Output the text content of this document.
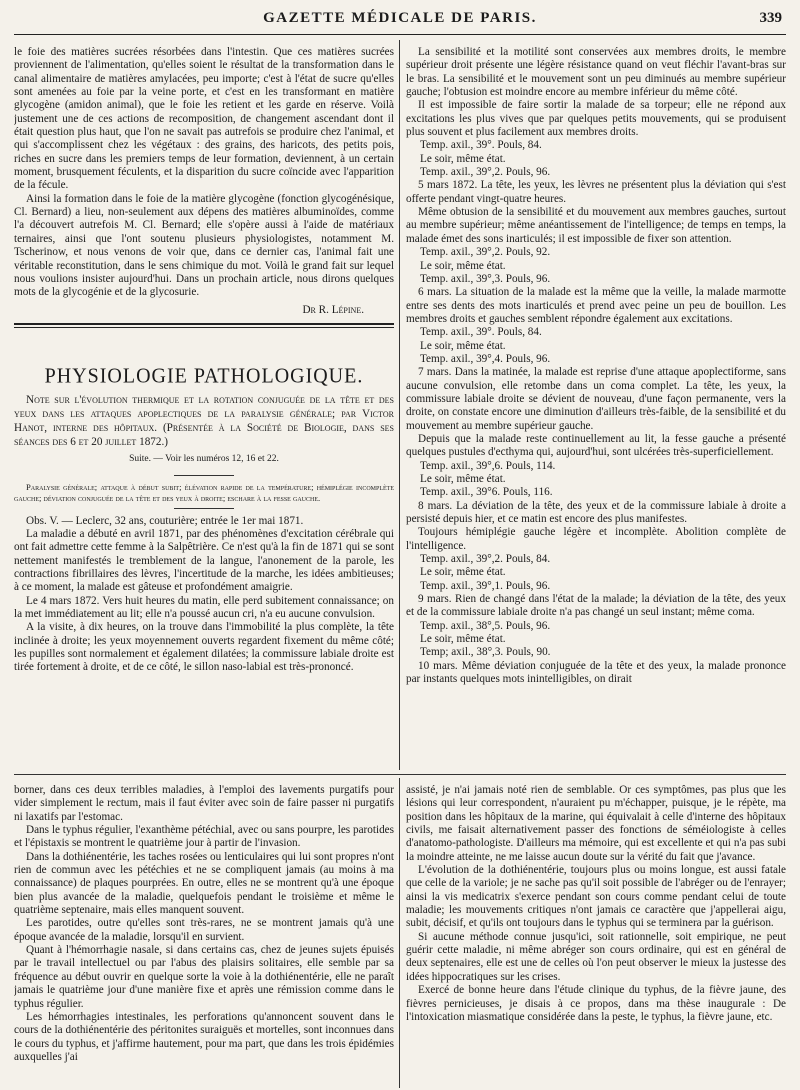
GAZETTE MÉDICALE DE PARIS.	339

le foie des matières sucrées résorbées dans l'intestin. Que ces matières sucrées proviennent de l'alimentation, qu'elles soient le résultat de la transformation dans le canal alimentaire de matières amylacées, peu importe; c'est à l'état de sucre qu'elles sont amenées au foie par la veine porte, et c'est en les transformant en matière glycogène (amidon animal), que le foie les retient et les garde en réserve. Voilà justement une de ces actions de recomposition, de changement ascendant dont il était question plus haut, que l'on ne savait pas autrefois se produire chez l'animal, et qui s'accomplissent chez les végétaux : des grains, des haricots, des petits pois, riches en sucre dans les premiers temps de leur formation, deviennent, à un certain moment, brusquement féculents, et la disparition du sucre coïncide avec l'apparition de la fécule.

Ainsi la formation dans le foie de la matière glycogène (fonction glycogénésique, Cl. Bernard) a lieu, non-seulement aux dépens des matières albuminoïdes, comme l'a découvert autrefois M. Cl. Bernard; elle s'opère aussi à l'aide de matériaux ternaires, ainsi que l'ont soutenu plusieurs physiologistes, notamment M. Tscherinow, et nous venons de voir que, dans ce dernier cas, l'animal fait une véritable reconstitution, dans le sens chimique du mot. Voilà le grand fait sur lequel nous voulions insister aujourd'hui. Dans un prochain article, nous dirons quelques mots de la glycogénie et de la glycosurie.

Dr R. Lépine.
PHYSIOLOGIE PATHOLOGIQUE.

Note sur l'évolution thermique et la rotation conjuguée de la tête et des yeux dans les attaques apoplectiques de la paralysie générale; par Victor Hanot, interne des hôpitaux. (Présentée à la Société de Biologie, dans ses séances des 6 et 20 juillet 1872.)

Suite. — Voir les numéros 12, 16 et 22.

Paralysie générale; attaque à début subit; élévation rapide de la température; hémiplégie incomplète gauche; déviation conjuguée de la tête et des yeux à droite; eschare à la fesse gauche.

Obs. V. — Leclerc, 32 ans, couturière; entrée le 1er mai 1871.

La maladie a débuté en avril 1871, par des phénomènes d'excitation cérébrale qui ont fait admettre cette femme à la Salpêtrière. Ce n'est qu'à la fin de 1871 qui se sont nettement manifestés le tremblement de la langue, l'anonement de la parole, les contractions fibrillaires des lèvres, l'incertitude de la marche, les idées ambitieuses; à ce moment, la malade est gâteuse et profondément amaigrie.

Le 4 mars 1872. Vers huit heures du matin, elle perd subitement connaissance; on la met immédiatement au lit; elle n'a poussé aucun cri, n'a eu aucune convulsion.

A la visite, à dix heures, on la trouve dans l'immobilité la plus complète, la tête inclinée à droite; les yeux moyennement ouverts regardent fixement du même côté; les pupilles sont normalement et également dilatées; la commissure labiale droite est tirée fortement à droite, et de ce côté, le sillon naso-labial est très-prononcé.

La sensibilité et la motilité sont conservées aux membres droits, le membre supérieur droit présente une légère résistance quand on veut fléchir l'avant-bras sur le bras. La sensibilité et le mouvement sont un peu diminués au membre supérieur gauche; l'obtusion est moindre encore au membre inférieur du même côté.

Il est impossible de faire sortir la malade de sa torpeur; elle ne répond aux excitations les plus vives que par quelques petits mouvements, qui se produisent plus souvent et plus facilement aux membres droits.

Temp. axil., 39°. Pouls, 84.

Le soir, même état.

Temp. axil., 39°,2. Pouls, 96.

5 mars 1872. La tête, les yeux, les lèvres ne présentent plus la déviation qui s'est offerte pendant vingt-quatre heures.

Même obtusion de la sensibilité et du mouvement aux membres gauches, surtout au membre supérieur; même anéantissement de l'intelligence; de temps en temps, la malade émet des sons inarticulés; il est impossible de fixer son attention.

Temp. axil., 39°,2. Pouls, 92.

Le soir, même état.

Temp. axil., 39°,3. Pouls, 96.

6 mars. La situation de la malade est la même que la veille, la malade marmotte entre ses dents des mots inarticulés et prend avec peine un peu de bouillon. Les membres droits et gauches semblent répondre également aux excitations.

Temp. axil., 39°. Pouls, 84.

Le soir, même état.

Temp. axil., 39°,4. Pouls, 96.

7 mars. Dans la matinée, la malade est reprise d'une attaque apoplectiforme, sans aucune convulsion, elle retombe dans un coma complet. La tête, les yeux, la commissure labiale droite se dévient de nouveau, d'une façon permanente, vers la droite, on constate encore une diminution d'ailleurs très-faible, de la sensibilité et du mouvement au membre supérieur gauche.

Depuis que la malade reste continuellement au lit, la fesse gauche a présenté quelques pustules d'ecthyma qui, aujourd'hui, sont ulcérées très-superficiellement.

Temp. axil., 39°,6. Pouls, 114.

Le soir, même état.

Temp. axil., 39°6. Pouls, 116.

8 mars. La déviation de la tête, des yeux et de la commissure labiale à droite a persisté depuis hier, et ce matin est encore des plus manifestes.

Toujours hémiplégie gauche légère et incomplète. Abolition complète de l'intelligence.

Temp. axil., 39°,2. Pouls, 84.

Le soir, même état.

Temp. axil., 39°,1. Pouls, 96.

9 mars. Rien de changé dans l'état de la malade; la déviation de la tête, des yeux et de la commissure labiale droite n'a pas changé un seul instant; même coma.

Temp. axil., 38°,5. Pouls, 96.

Le soir, même état.

Temp; axil., 38°,3. Pouls, 90.

10 mars. Même déviation conjuguée de la tête et des yeux, la malade prononce par instants quelques mots inintelligibles, on dirait

borner, dans ces deux terribles maladies, à l'emploi des lavements purgatifs pour vider simplement le rectum, mais il faut éviter avec soin de faire passer ni purgatifs ni laxatifs par l'estomac.

Dans le typhus régulier, l'exanthème pétéchial, avec ou sans pourpre, les parotides et l'épistaxis se montrent le quatrième jour à partir de l'invasion.

Dans la dothiénentérie, les taches rosées ou lenticulaires qui lui sont propres n'ont rien de commun avec les pétéchies et ne se compliquent jamais (au moins à ma connaissance) de plaques pourprées. En outre, elles ne se montrent qu'à une époque bien plus avancée de la maladie, quelquefois pendant le troisième et même le quatrième septenaire, mais elles manquent souvent.

Les parotides, outre qu'elles sont très-rares, ne se montrent jamais qu'à une époque avancée de la maladie, lorsqu'il en survient.

Quant à l'hémorrhagie nasale, si dans certains cas, chez de jeunes sujets épuisés par le travail intellectuel ou par l'abus des plaisirs solitaires, elle semble par sa fréquence au début ouvrir en quelque sorte la voie à la dothiénentérie, elle ne paraît jamais le quatrième jour d'une manière fixe et après une rémission comme dans le typhus régulier.

Les hémorrhagies intestinales, les perforations qu'annoncent souvent dans le cours de la dothiénentérie des péritonites suraiguës et mortelles, sont inconnues dans le cours du typhus, et j'affirme hautement, pour ma part, que dans les trois épidémies auxquelles j'ai

assisté, je n'ai jamais noté rien de semblable. Or ces symptômes, pas plus que les lésions qui leur correspondent, n'auraient pu m'échapper, puisque, je le répète, ma position dans les hôpitaux de la marine, qui équivalait à celle d'interne des hôpitaux civils, me faisait alternativement passer des fonctions de séméiologiste à celles d'anatomo-pathologiste. D'ailleurs ma mémoire, qui est excellente et qui n'a pas subi la moindre atteinte, ne me laisse aucun doute sur la vérité du fait que j'avance.

L'évolution de la dothiénentérie, toujours plus ou moins longue, est aussi fatale que celle de la variole; je ne sache pas qu'il soit possible de l'abréger ou de l'enrayer; ainsi la vis medicatrix s'exerce pendant son cours comme pendant celui de toute maladie; les mouvements critiques n'ont jamais ce caractère que j'appellerai aigu, subit, décisif, et qu'ils ont toujours dans le typhus qui se terminera par la guérison.

Si aucune méthode connue jusqu'ici, soit rationnelle, soit empirique, ne peut guérir cette maladie, ni même abréger son cours ordinaire, qui est en général de deux septenaires, elle est une de celles où l'on peut observer le mieux la justesse des idées hippocratiques sur les crises.

Exercé de bonne heure dans l'étude clinique du typhus, de la fièvre jaune, des fièvres pernicieuses, je disais à ce propos, dans ma thèse inaugurale : De l'intoxication miasmatique considérée dans la peste, le typhus, la fièvre jaune, etc.
